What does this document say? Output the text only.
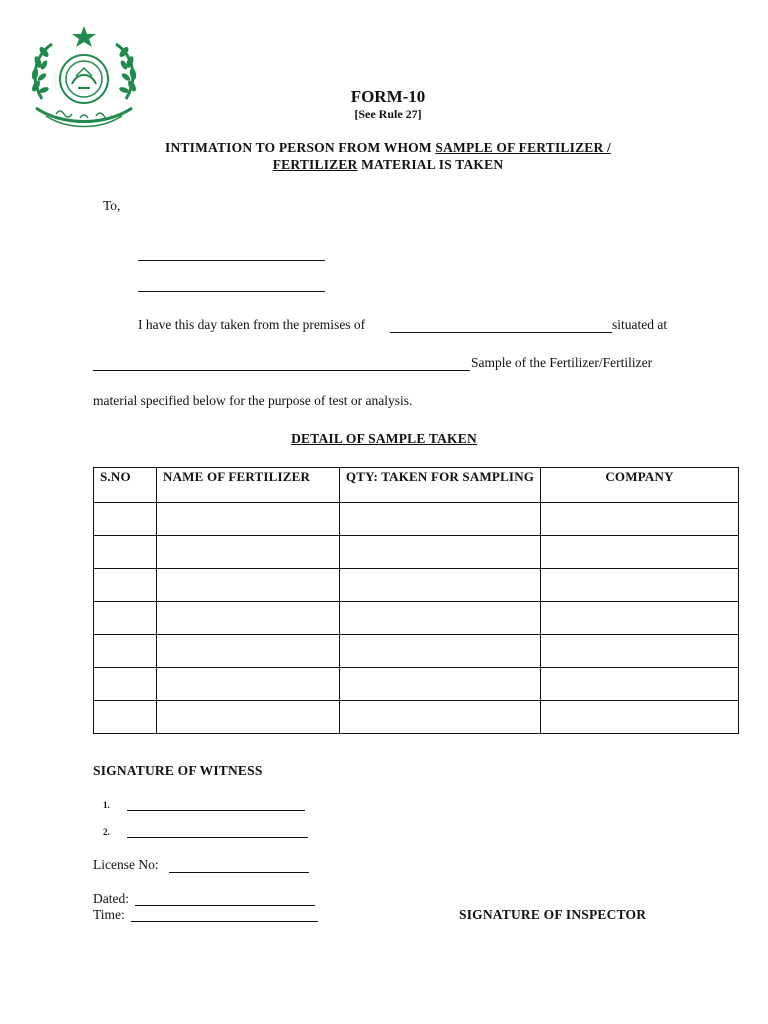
FORM-10
[See Rule 27]
INTIMATION TO PERSON FROM WHOM SAMPLE OF FERTILIZER /
FERTILIZER MATERIAL IS TAKEN
To,
I have this day taken from the premises of	situated at
Sample of the Fertilizer/Fertilizer
material specified below for the purpose of test or analysis.
DETAIL OF SAMPLE TAKEN
S.NO	NAME OF FERTILIZER	QTY: TAKEN FOR SAMPLING	COMPANY

SIGNATURE OF WITNESS
1.
2.
License No:
Dated:
Time:	SIGNATURE OF INSPECTOR
